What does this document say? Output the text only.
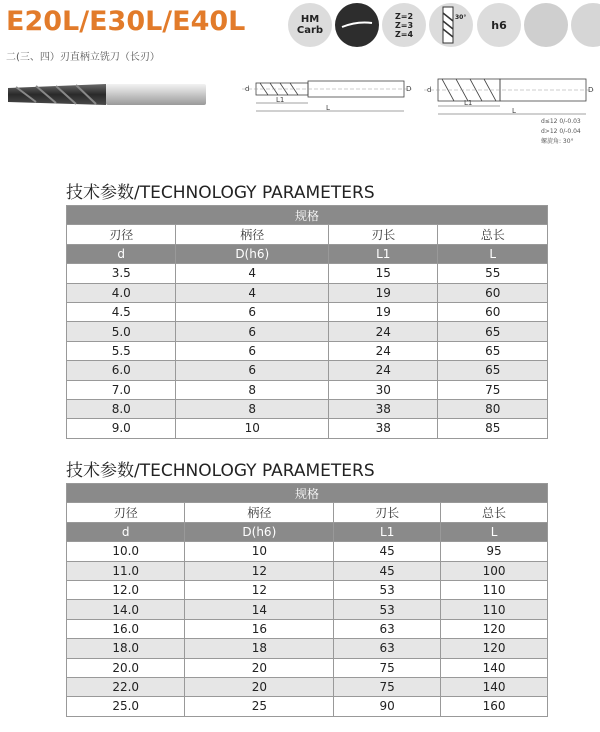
E20L/E30L/E40L
二(三、四）刃直柄立铣刀（长刃）
HM Carb
Z=2
Z=3
Z=4
30°
h6
d	D
L1
L
d	D
L1
L
d≤12 0/-0.03
d>12 0/-0.04
螺旋角: 30°
技术参数/TECHNOLOGY PARAMETERS
规格			
刃径	柄径	刃长	总长
d	D(h6)	L1	L
3.5	4	15	55
4.0	4	19	60
4.5	6	19	60
5.0	6	24	65
5.5	6	24	65
6.0	6	24	65
7.0	8	30	75
8.0	8	38	80
9.0	10	38	85
技术参数/TECHNOLOGY PARAMETERS
规格			
刃径	柄径	刃长	总长
d	D(h6)	L1	L
10.0	10	45	95
11.0	12	45	100
12.0	12	53	110
14.0	14	53	110
16.0	16	63	120
18.0	18	63	120
20.0	20	75	140
22.0	20	75	140
25.0	25	90	160
